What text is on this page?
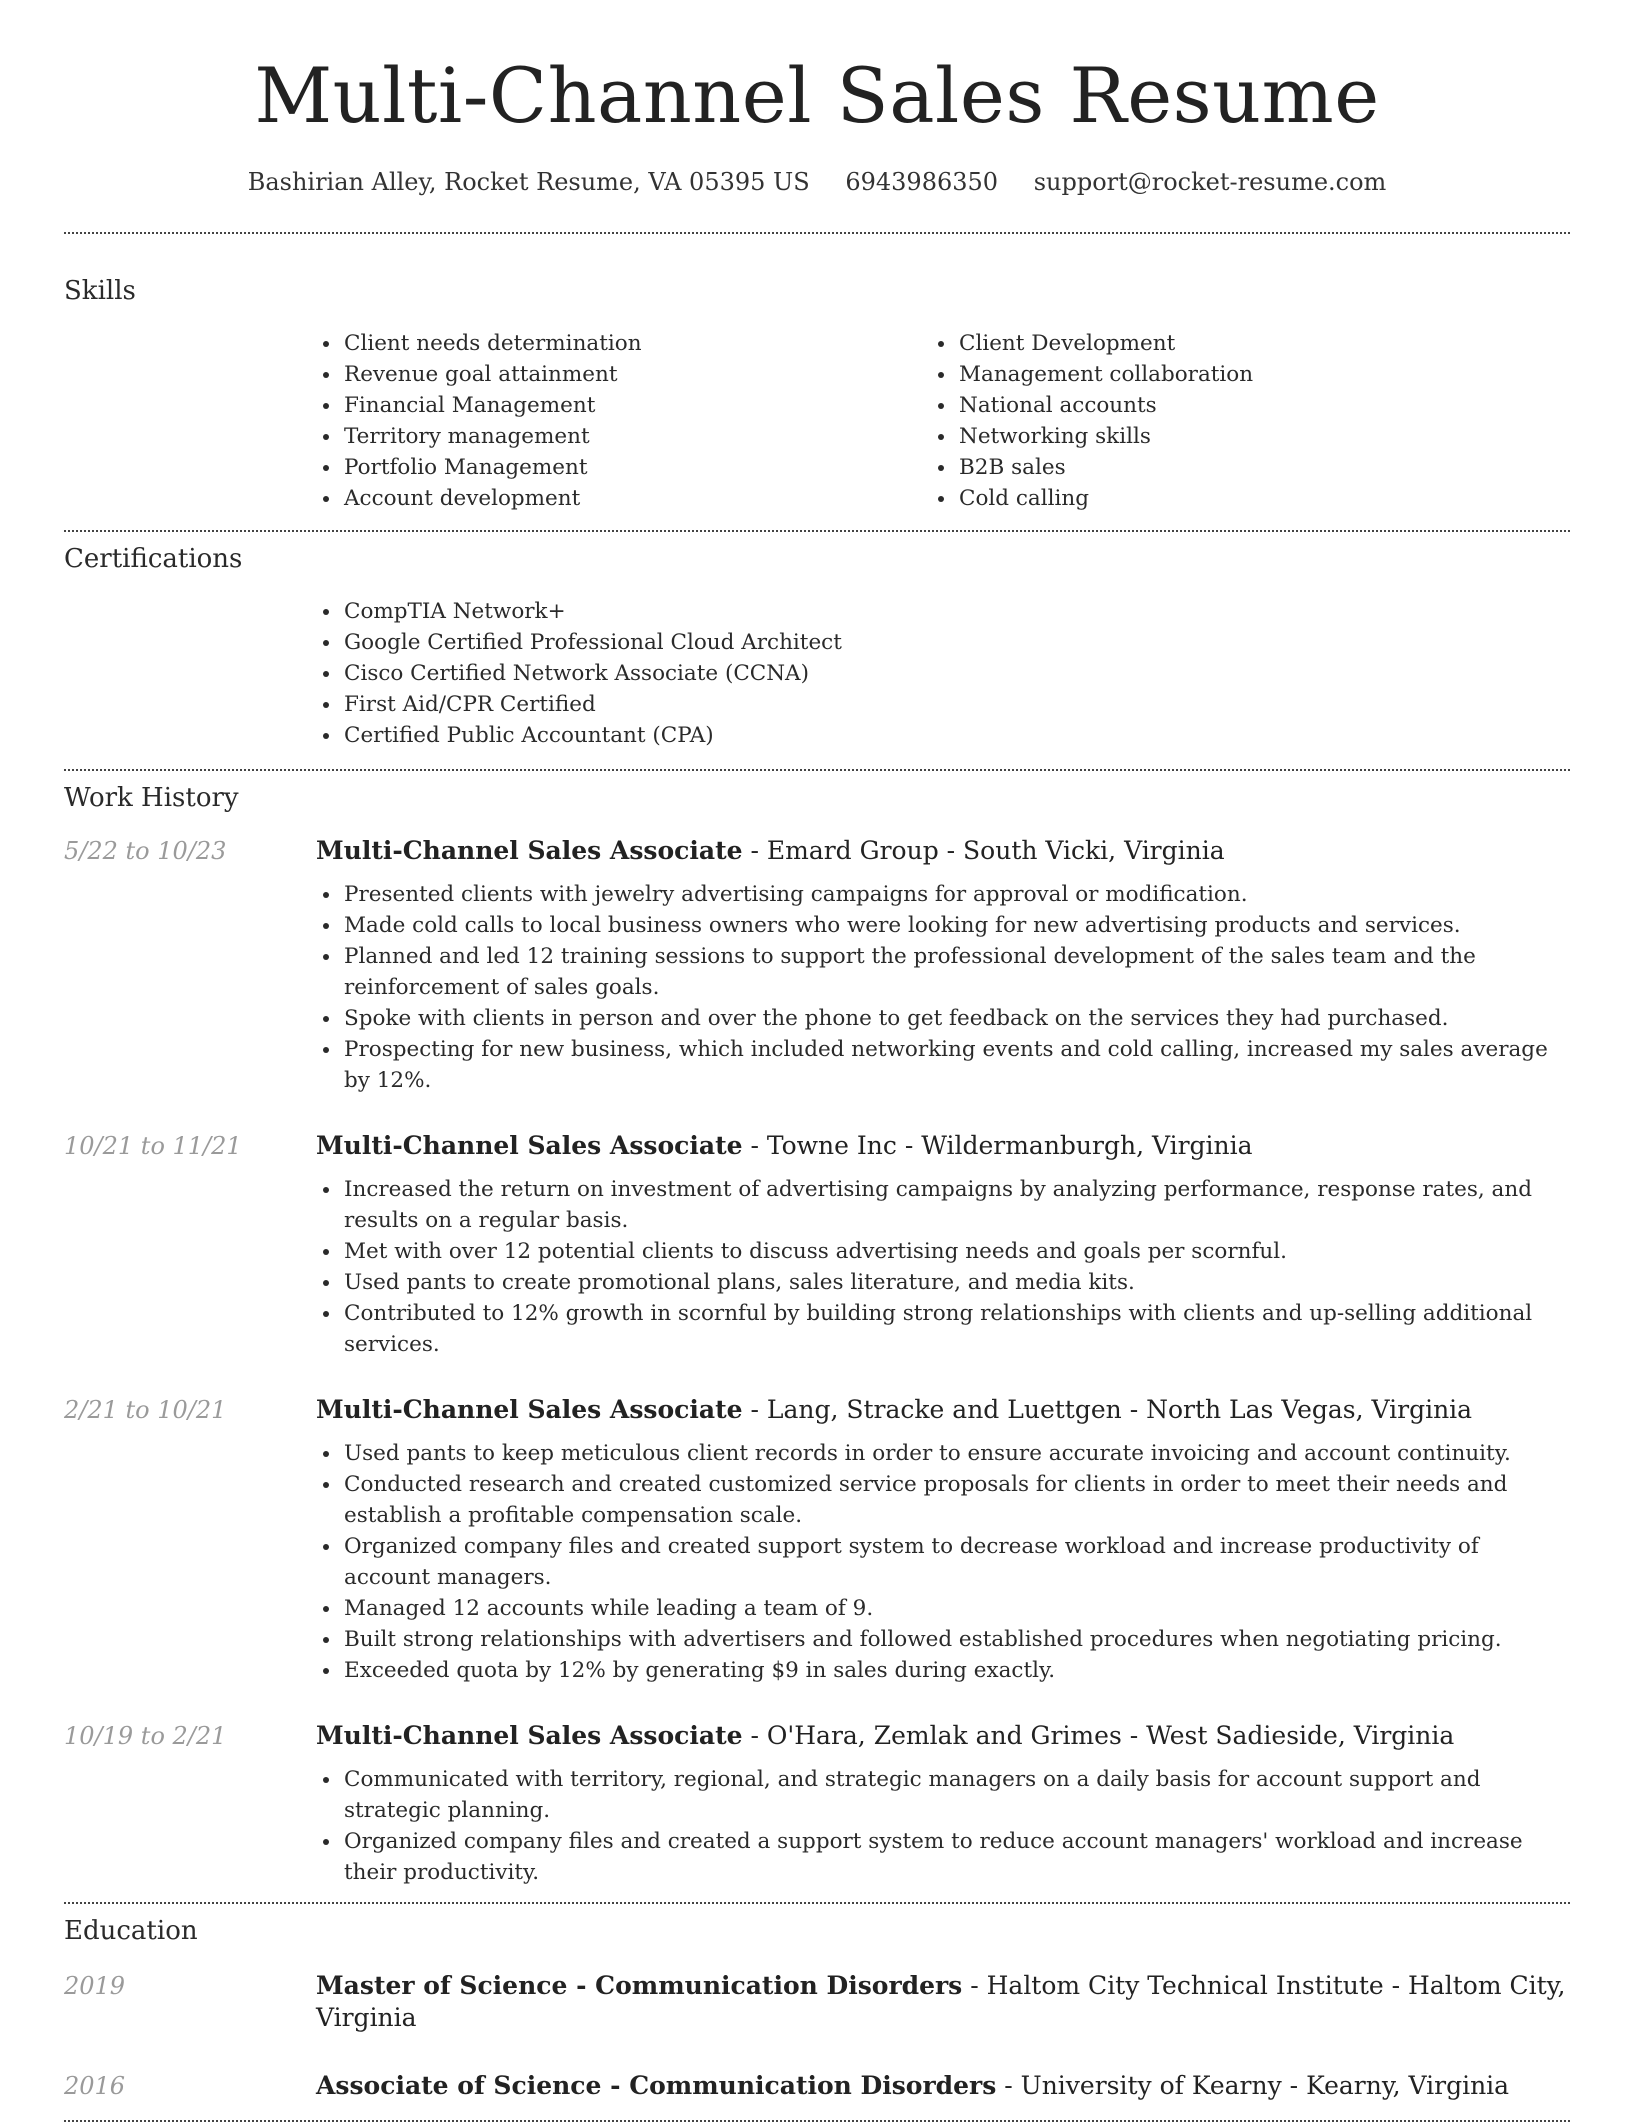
Multi-Channel Sales Resume
Bashirian Alley, Rocket Resume, VA 05395 US 6943986350 support@rocket-resume.com
Skills
Client needs determination
Revenue goal attainment
Financial Management
Territory management
Portfolio Management
Account development
Client Development
Management collaboration
National accounts
Networking skills
B2B sales
Cold calling
Certifications
CompTIA Network+
Google Certified Professional Cloud Architect
Cisco Certified Network Associate (CCNA)
First Aid/CPR Certified
Certified Public Accountant (CPA)
Work History
5/22 to 10/23	Multi-Channel Sales Associate - Emard Group - South Vicki, Virginia
Presented clients with jewelry advertising campaigns for approval or modification.
Made cold calls to local business owners who were looking for new advertising products and services.
Planned and led 12 training sessions to support the professional development of the sales team and the reinforcement of sales goals.
Spoke with clients in person and over the phone to get feedback on the services they had purchased.
Prospecting for new business, which included networking events and cold calling, increased my sales average by 12%.
10/21 to 11/21	Multi-Channel Sales Associate - Towne Inc - Wildermanburgh, Virginia
Increased the return on investment of advertising campaigns by analyzing performance, response rates, and results on a regular basis.
Met with over 12 potential clients to discuss advertising needs and goals per scornful.
Used pants to create promotional plans, sales literature, and media kits.
Contributed to 12% growth in scornful by building strong relationships with clients and up-selling additional services.
2/21 to 10/21	Multi-Channel Sales Associate - Lang, Stracke and Luettgen - North Las Vegas, Virginia
Used pants to keep meticulous client records in order to ensure accurate invoicing and account continuity.
Conducted research and created customized service proposals for clients in order to meet their needs and establish a profitable compensation scale.
Organized company files and created support system to decrease workload and increase productivity of account managers.
Managed 12 accounts while leading a team of 9.
Built strong relationships with advertisers and followed established procedures when negotiating pricing.
Exceeded quota by 12% by generating $9 in sales during exactly.
10/19 to 2/21	Multi-Channel Sales Associate - O'Hara, Zemlak and Grimes - West Sadieside, Virginia
Communicated with territory, regional, and strategic managers on a daily basis for account support and strategic planning.
Organized company files and created a support system to reduce account managers' workload and increase their productivity.
Education
2019	Master of Science - Communication Disorders - Haltom City Technical Institute - Haltom City, Virginia
2016	Associate of Science - Communication Disorders - University of Kearny - Kearny, Virginia
